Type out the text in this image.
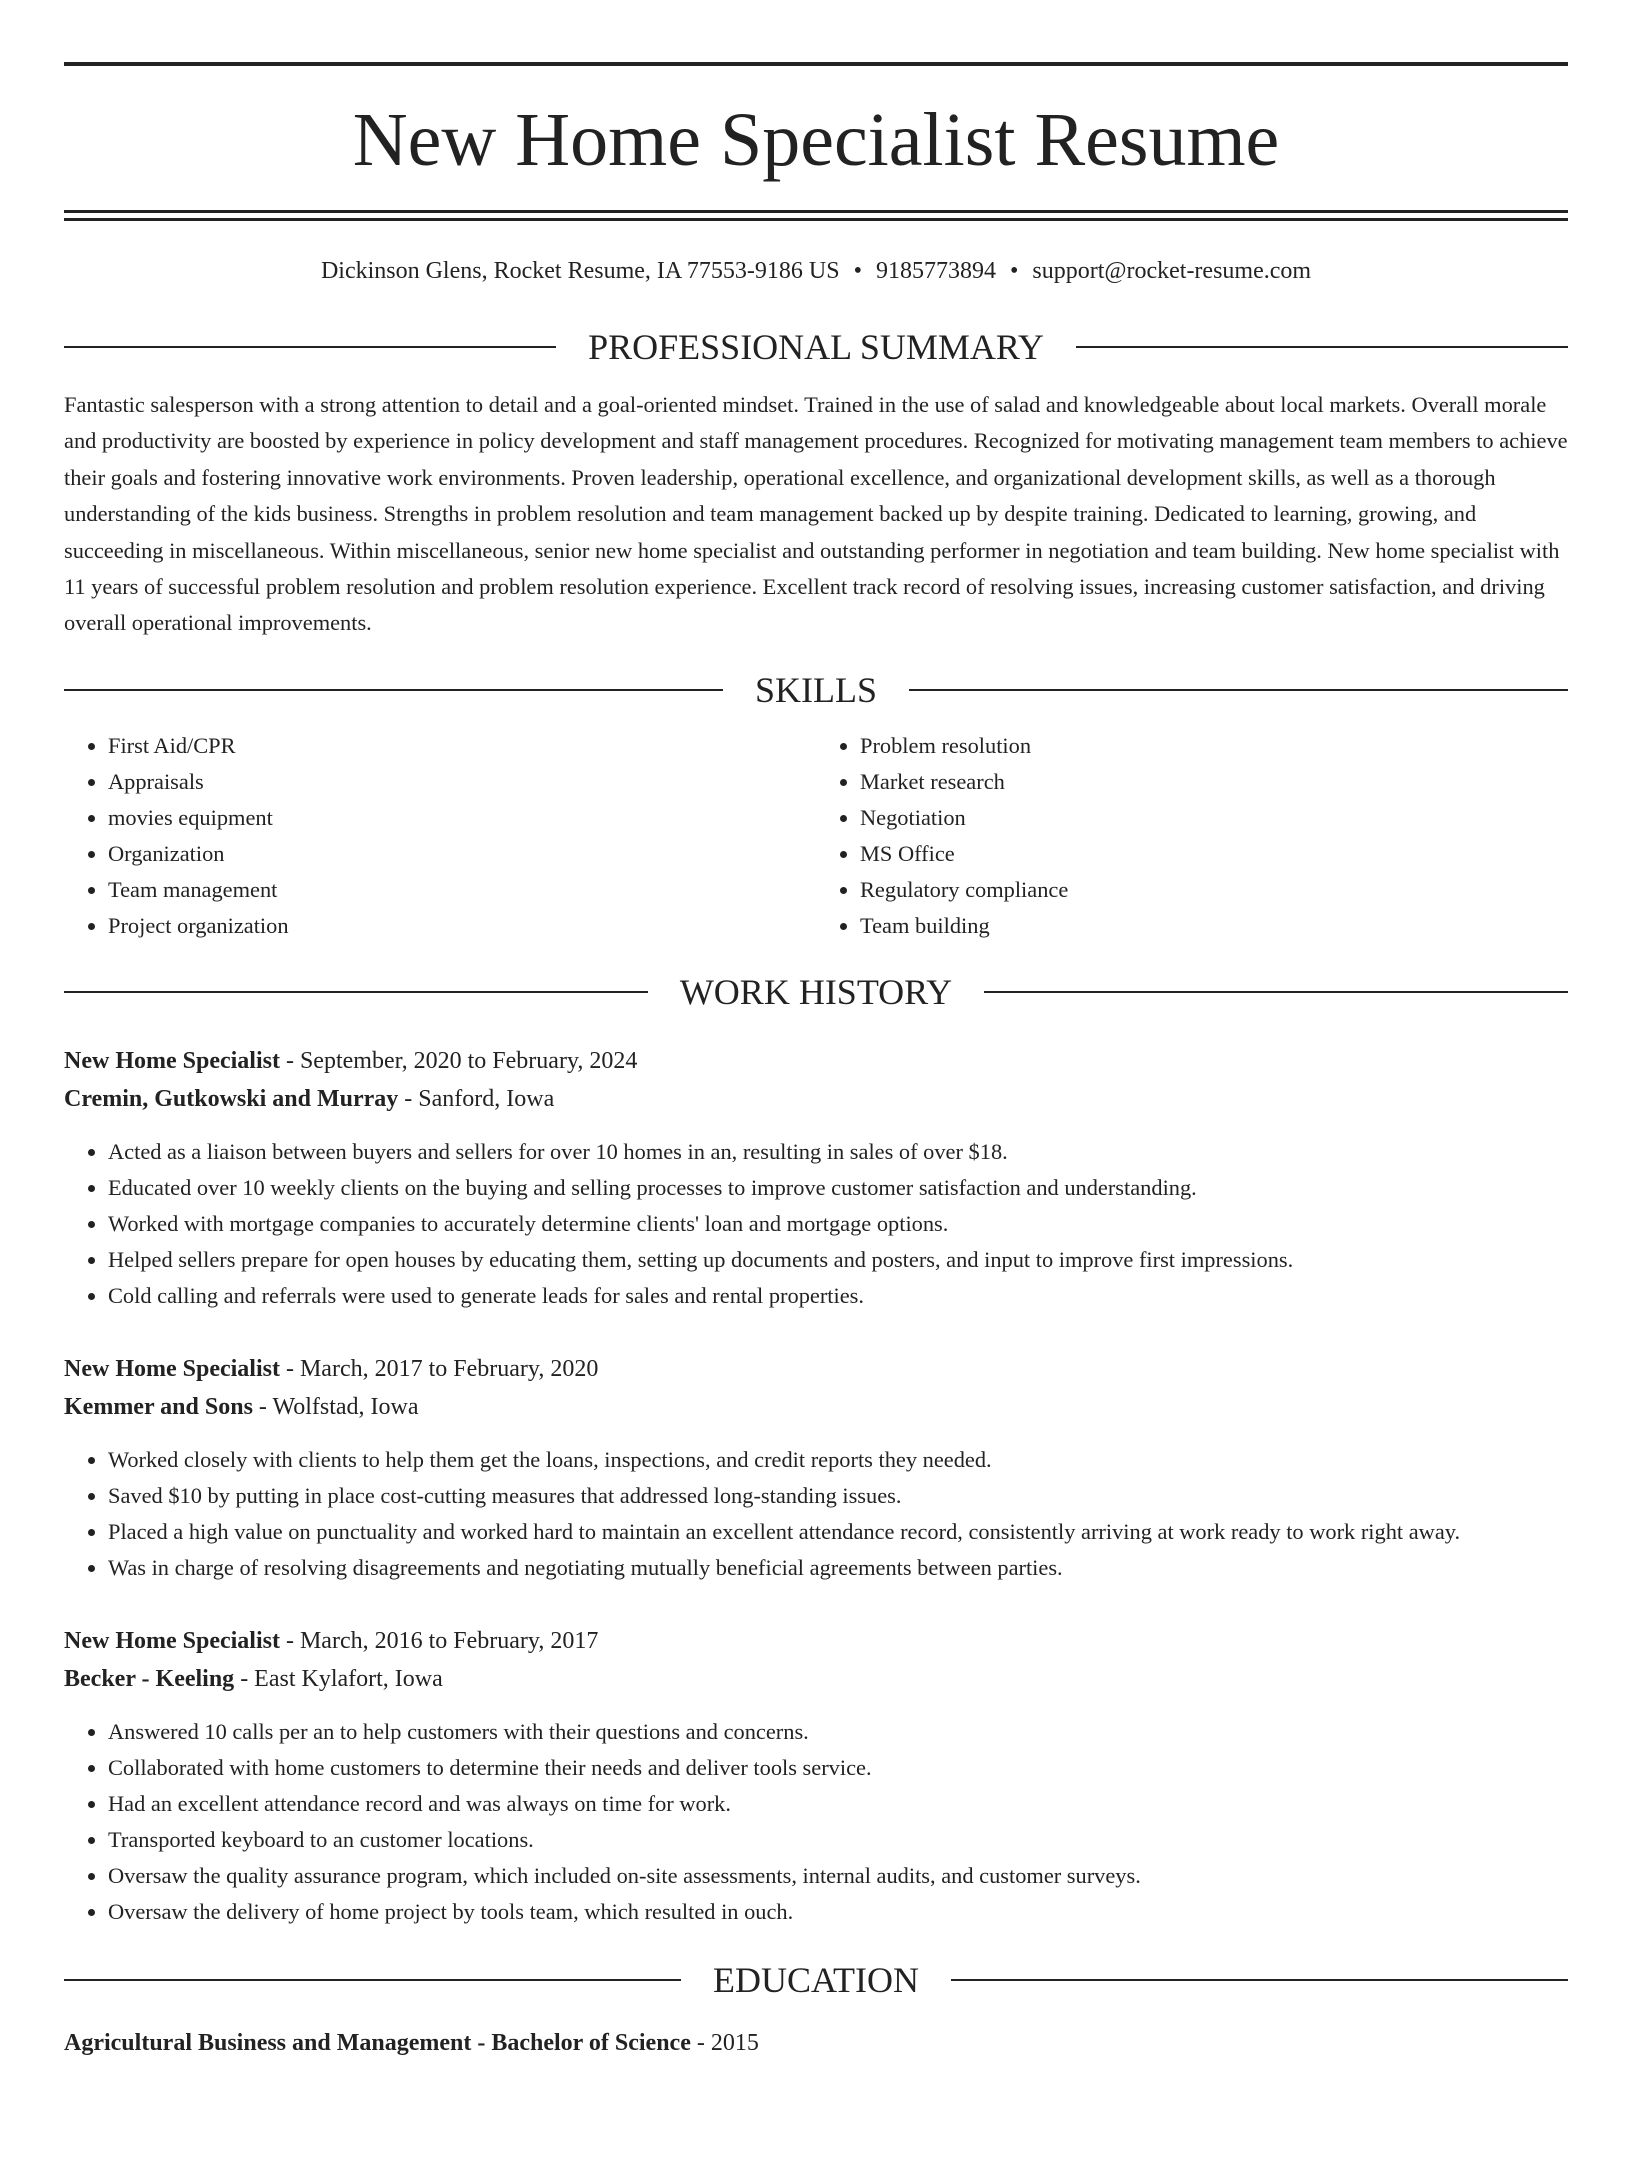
New Home Specialist Resume
Dickinson Glens, Rocket Resume, IA 77553-9186 US • 9185773894 • support@rocket-resume.com
PROFESSIONAL SUMMARY

Fantastic salesperson with a strong attention to detail and a goal-oriented mindset. Trained in the use of salad and knowledgeable about local markets. Overall morale and productivity are boosted by experience in policy development and staff management procedures. Recognized for motivating management team members to achieve their goals and fostering innovative work environments. Proven leadership, operational excellence, and organizational development skills, as well as a thorough understanding of the kids business. Strengths in problem resolution and team management backed up by despite training. Dedicated to learning, growing, and succeeding in miscellaneous. Within miscellaneous, senior new home specialist and outstanding performer in negotiation and team building. New home specialist with 11 years of successful problem resolution and problem resolution experience. Excellent track record of resolving issues, increasing customer satisfaction, and driving overall operational improvements.

SKILLS
• First Aid/CPR
• Appraisals
• movies equipment
• Organization
• Team management
• Project organization
• Problem resolution
• Market research
• Negotiation
• MS Office
• Regulatory compliance
• Team building
WORK HISTORY
New Home Specialist - September, 2020 to February, 2024
Cremin, Gutkowski and Murray - Sanford, Iowa
• Acted as a liaison between buyers and sellers for over 10 homes in an, resulting in sales of over $18.
• Educated over 10 weekly clients on the buying and selling processes to improve customer satisfaction and understanding.
• Worked with mortgage companies to accurately determine clients' loan and mortgage options.
• Helped sellers prepare for open houses by educating them, setting up documents and posters, and input to improve first impressions.
• Cold calling and referrals were used to generate leads for sales and rental properties.
New Home Specialist - March, 2017 to February, 2020
Kemmer and Sons - Wolfstad, Iowa
• Worked closely with clients to help them get the loans, inspections, and credit reports they needed.
• Saved $10 by putting in place cost-cutting measures that addressed long-standing issues.
• Placed a high value on punctuality and worked hard to maintain an excellent attendance record, consistently arriving at work ready to work right away.
• Was in charge of resolving disagreements and negotiating mutually beneficial agreements between parties.
New Home Specialist - March, 2016 to February, 2017
Becker - Keeling - East Kylafort, Iowa
• Answered 10 calls per an to help customers with their questions and concerns.
• Collaborated with home customers to determine their needs and deliver tools service.
• Had an excellent attendance record and was always on time for work.
• Transported keyboard to an customer locations.
• Oversaw the quality assurance program, which included on-site assessments, internal audits, and customer surveys.
• Oversaw the delivery of home project by tools team, which resulted in ouch.
EDUCATION
Agricultural Business and Management - Bachelor of Science - 2015
